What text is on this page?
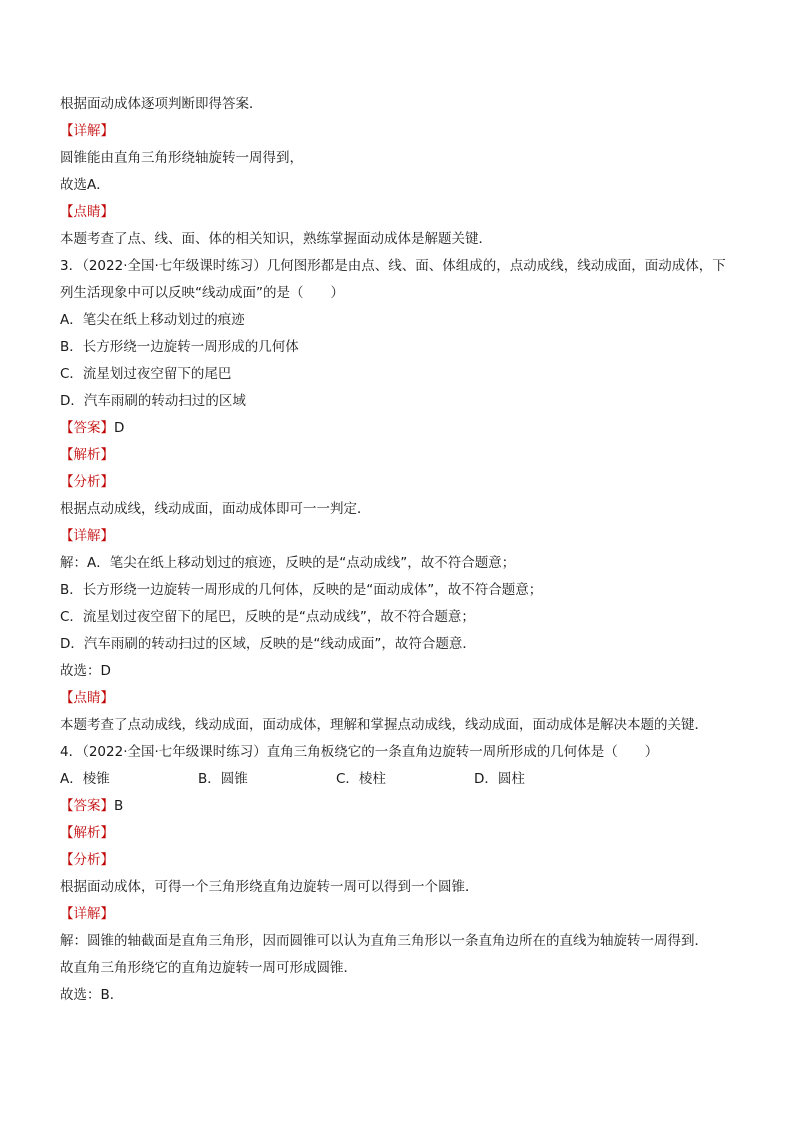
根据面动成体逐项判断即得答案．
【详解】
圆锥能由直角三角形绕轴旋转一周得到，
故选A．
【点睛】
本题考查了点、线、面、体的相关知识，熟练掌握面动成体是解题关键．
3．（2022·全国·七年级课时练习）几何图形都是由点、线、面、体组成的，点动成线，线动成面，面动成体，下
列生活现象中可以反映“线动成面”的是（　　）
A．笔尖在纸上移动划过的痕迹
B．长方形绕一边旋转一周形成的几何体
C．流星划过夜空留下的尾巴
D．汽车雨刷的转动扫过的区域
【答案】D
【解析】
【分析】
根据点动成线，线动成面，面动成体即可一一判定．
【详解】
解：A．笔尖在纸上移动划过的痕迹，反映的是“点动成线”，故不符合题意；
B．长方形绕一边旋转一周形成的几何体，反映的是“面动成体”，故不符合题意；
C．流星划过夜空留下的尾巴，反映的是“点动成线”，故不符合题意；
D．汽车雨刷的转动扫过的区域，反映的是“线动成面”，故符合题意．
故选：D
【点睛】
本题考查了点动成线，线动成面，面动成体，理解和掌握点动成线，线动成面，面动成体是解决本题的关键．
4．（2022·全国·七年级课时练习）直角三角板绕它的一条直角边旋转一周所形成的几何体是（　　）
A．棱锥	B．圆锥	C．棱柱	D．圆柱
【答案】B
【解析】
【分析】
根据面动成体，可得一个三角形绕直角边旋转一周可以得到一个圆锥．
【详解】
解：圆锥的轴截面是直角三角形，因而圆锥可以认为直角三角形以一条直角边所在的直线为轴旋转一周得到．
故直角三角形绕它的直角边旋转一周可形成圆锥．
故选：B．
